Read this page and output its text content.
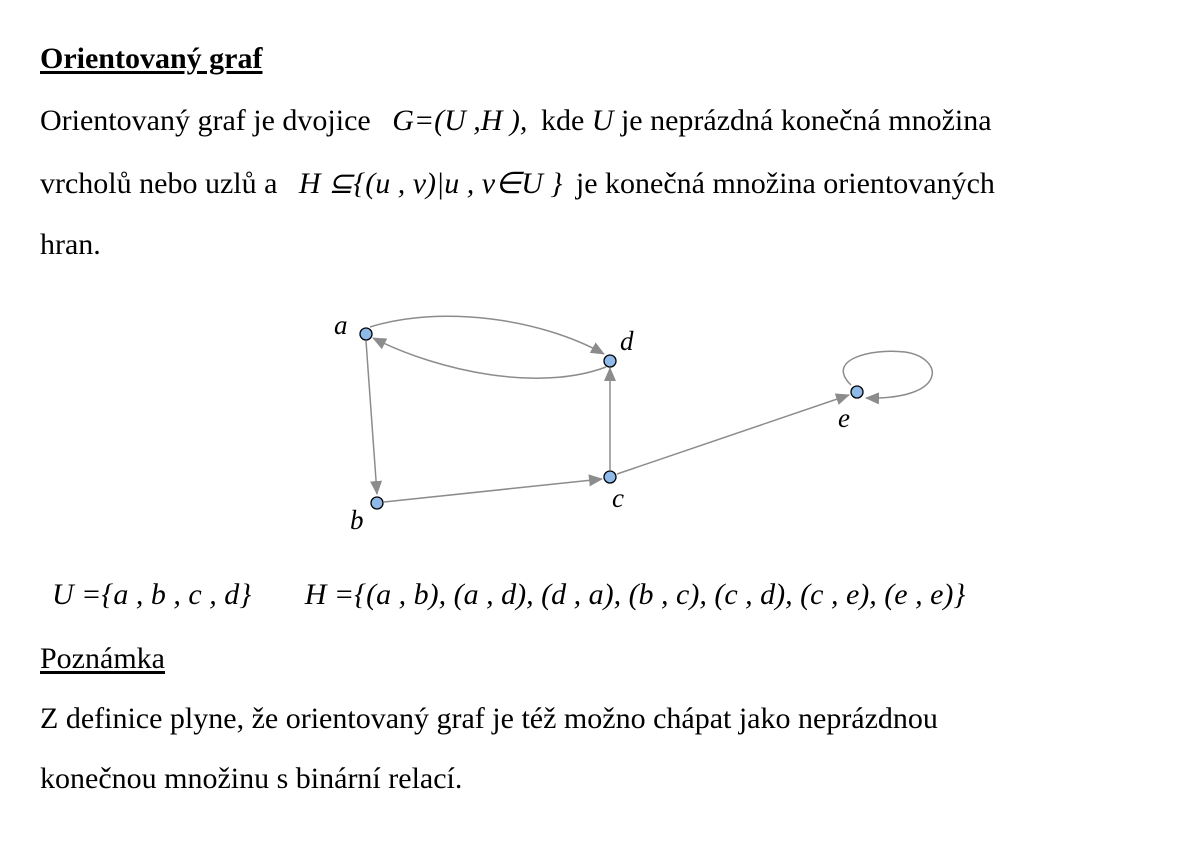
Orientovaný graf
Orientovaný graf je dvojice G=(U ,H ), kde U je neprázdná konečná množina
vrcholů nebo uzlů a H ⊆{(u , v)|u , v∈U } je konečná množina orientovaných
hran.
a
b
c
d
e
U ={a , b , c , d} H ={(a , b), (a , d), (d , a), (b , c), (c , d), (c , e), (e , e)}
Poznámka
Z definice plyne, že orientovaný graf je též možno chápat jako neprázdnou
konečnou množinu s binární relací.
